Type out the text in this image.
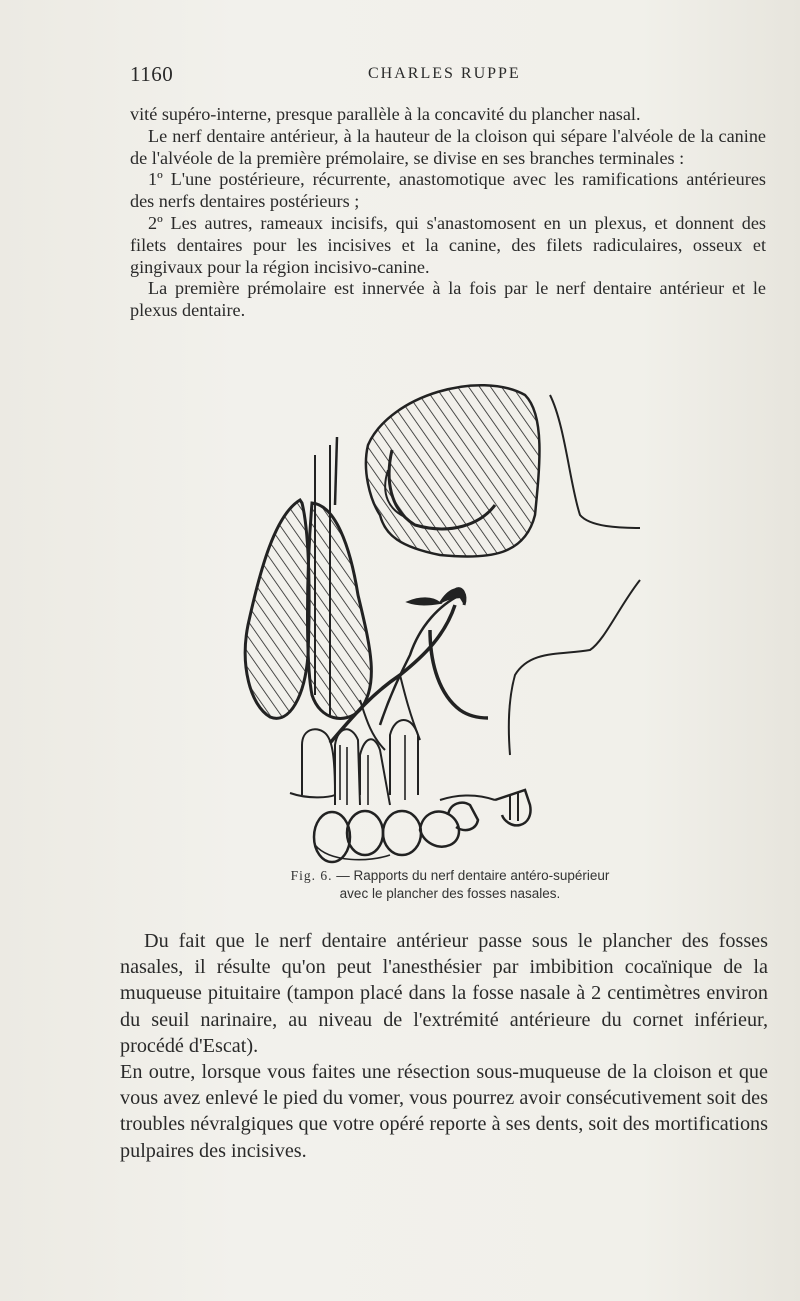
1160	CHARLES RUPPE

vité supéro-interne, presque parallèle à la concavité du plancher nasal.

Le nerf dentaire antérieur, à la hauteur de la cloison qui sépare l'alvéole de la canine de l'alvéole de la première prémolaire, se divise en ses branches terminales :

1º L'une postérieure, récurrente, anastomotique avec les ramifications antérieures des nerfs dentaires postérieurs ;

2º Les autres, rameaux incisifs, qui s'anastomosent en un plexus, et donnent des filets dentaires pour les incisives et la canine, des filets radiculaires, osseux et gingivaux pour la région incisivo-canine.

La première prémolaire est innervée à la fois par le nerf dentaire antérieur et le plexus dentaire.

Fig. 6. — Rapports du nerf dentaire antéro-supérieur
avec le plancher des fosses nasales.

Du fait que le nerf dentaire antérieur passe sous le plancher des fosses nasales, il résulte qu'on peut l'anesthésier par imbibition cocaïnique de la muqueuse pituitaire (tampon placé dans la fosse nasale à 2 centimètres environ du seuil narinaire, au niveau de l'extrémité antérieure du cornet inférieur, procédé d'Escat).

En outre, lorsque vous faites une résection sous-muqueuse de la cloison et que vous avez enlevé le pied du vomer, vous pourrez avoir consécutivement soit des troubles névralgiques que votre opéré reporte à ses dents, soit des mortifications pulpaires des incisives.
